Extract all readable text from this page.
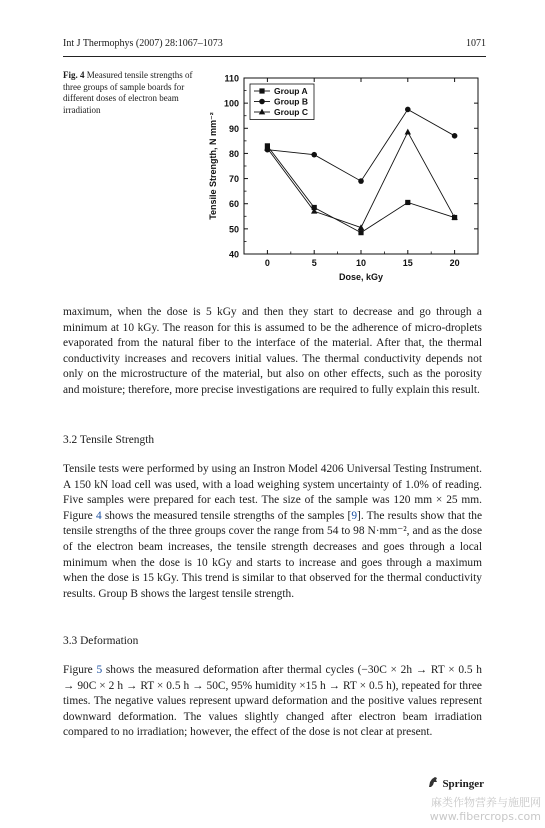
Int J Thermophys (2007) 28:1067–1073	1071
Fig. 4 Measured tensile strengths of three groups of sample boards for different doses of electron beam irradiation
40
50
60
70
80
90
100
110
0	5	10	15	20
Dose, kGy
Tensile Strength, N mm⁻²
Group A
Group B
Group C
maximum, when the dose is 5 kGy and then they start to decrease and go through a minimum at 10 kGy. The reason for this is assumed to be the adherence of micro-droplets evaporated from the natural fiber to the interface of the material. After that, the thermal conductivity increases and recovers initial values. The thermal conductivity depends not only on the microstructure of the material, but also on other effects, such as the porosity and moisture; therefore, more precise investigations are required to fully explain this result.
3.2 Tensile Strength
Tensile tests were performed by using an Instron Model 4206 Universal Testing Instrument. A 150 kN load cell was used, with a load weighing system uncertainty of 1.0% of reading. Five samples were prepared for each test. The size of the sample was 120 mm × 25 mm. Figure 4 shows the measured tensile strengths of the samples [9]. The results show that the tensile strengths of the three groups cover the range from 54 to 98 N·mm⁻², and as the dose of the electron beam increases, the tensile strength decreases and goes through a local minimum when the dose is 10 kGy and starts to increase and goes through a maximum when the dose is 15 kGy. This trend is similar to that observed for the thermal conductivity results. Group B shows the largest tensile strength.
3.3 Deformation
Figure 5 shows the measured deformation after thermal cycles (−30C × 2h → RT × 0.5 h → 90C × 2 h → RT × 0.5 h → 50C, 95% humidity ×15 h → RT × 0.5 h), repeated for three times. The negative values represent upward deformation and the positive values represent downward deformation. The values slightly changed after electron beam irradiation compared to no irradiation; however, the effect of the dose is not clear at present.
Springer
麻类作物营养与施肥网
www.fibercrops.com
